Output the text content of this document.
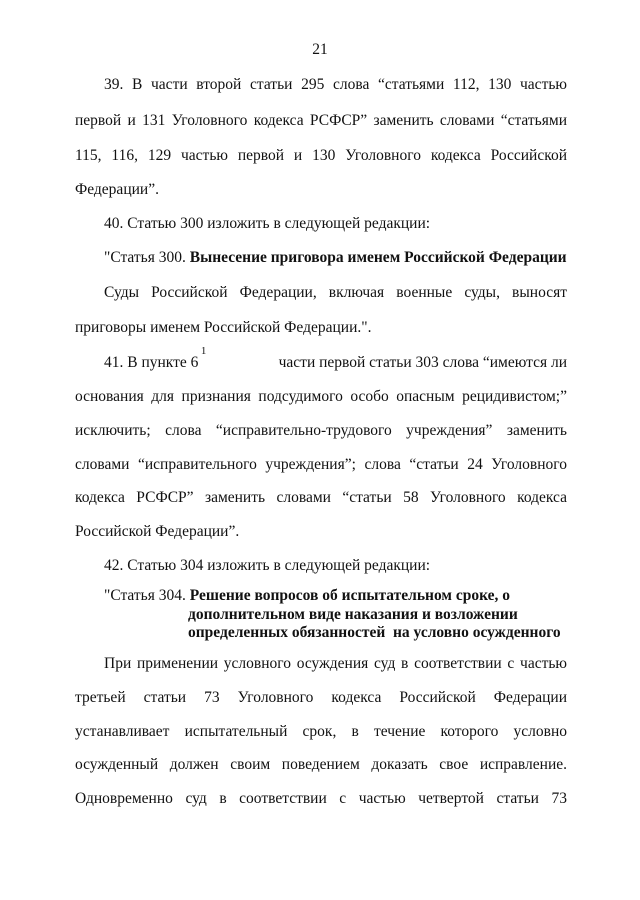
21
39. В части второй статьи 295 слова “статьями 112, 130 частью
первой и 131 Уголовного кодекса РСФСР” заменить словами “статьями
115, 116, 129 частью первой и 130 Уголовного кодекса Российской
Федерации”.
40. Статью 300 изложить в следующей редакции:
"Статья 300. Вынесение приговора именем Российской Федерации
Суды Российской Федерации, включая военные суды, выносят
приговоры именем Российской Федерации.".
41. В пункте 6
1
части первой статьи 303 слова “имеются ли
основания для признания подсудимого особо опасным рецидивистом;”
исключить; слова “исправительно-трудового учреждения” заменить
словами “исправительного учреждения”; слова “статьи 24 Уголовного
кодекса РСФСР” заменить словами “статьи 58 Уголовного кодекса
Российской Федерации”.
42. Статью 304 изложить в следующей редакции:
"Статья 304. Решение вопросов об испытательном сроке, о
дополнительном виде наказания и возложении
определенных обязанностей  на условно осужденного
При применении условного осуждения суд в соответствии с частью
третьей статьи 73 Уголовного кодекса Российской Федерации
устанавливает испытательный срок, в течение которого условно
осужденный должен своим поведением доказать свое исправление.
Одновременно суд в соответствии с частью четвертой статьи 73
